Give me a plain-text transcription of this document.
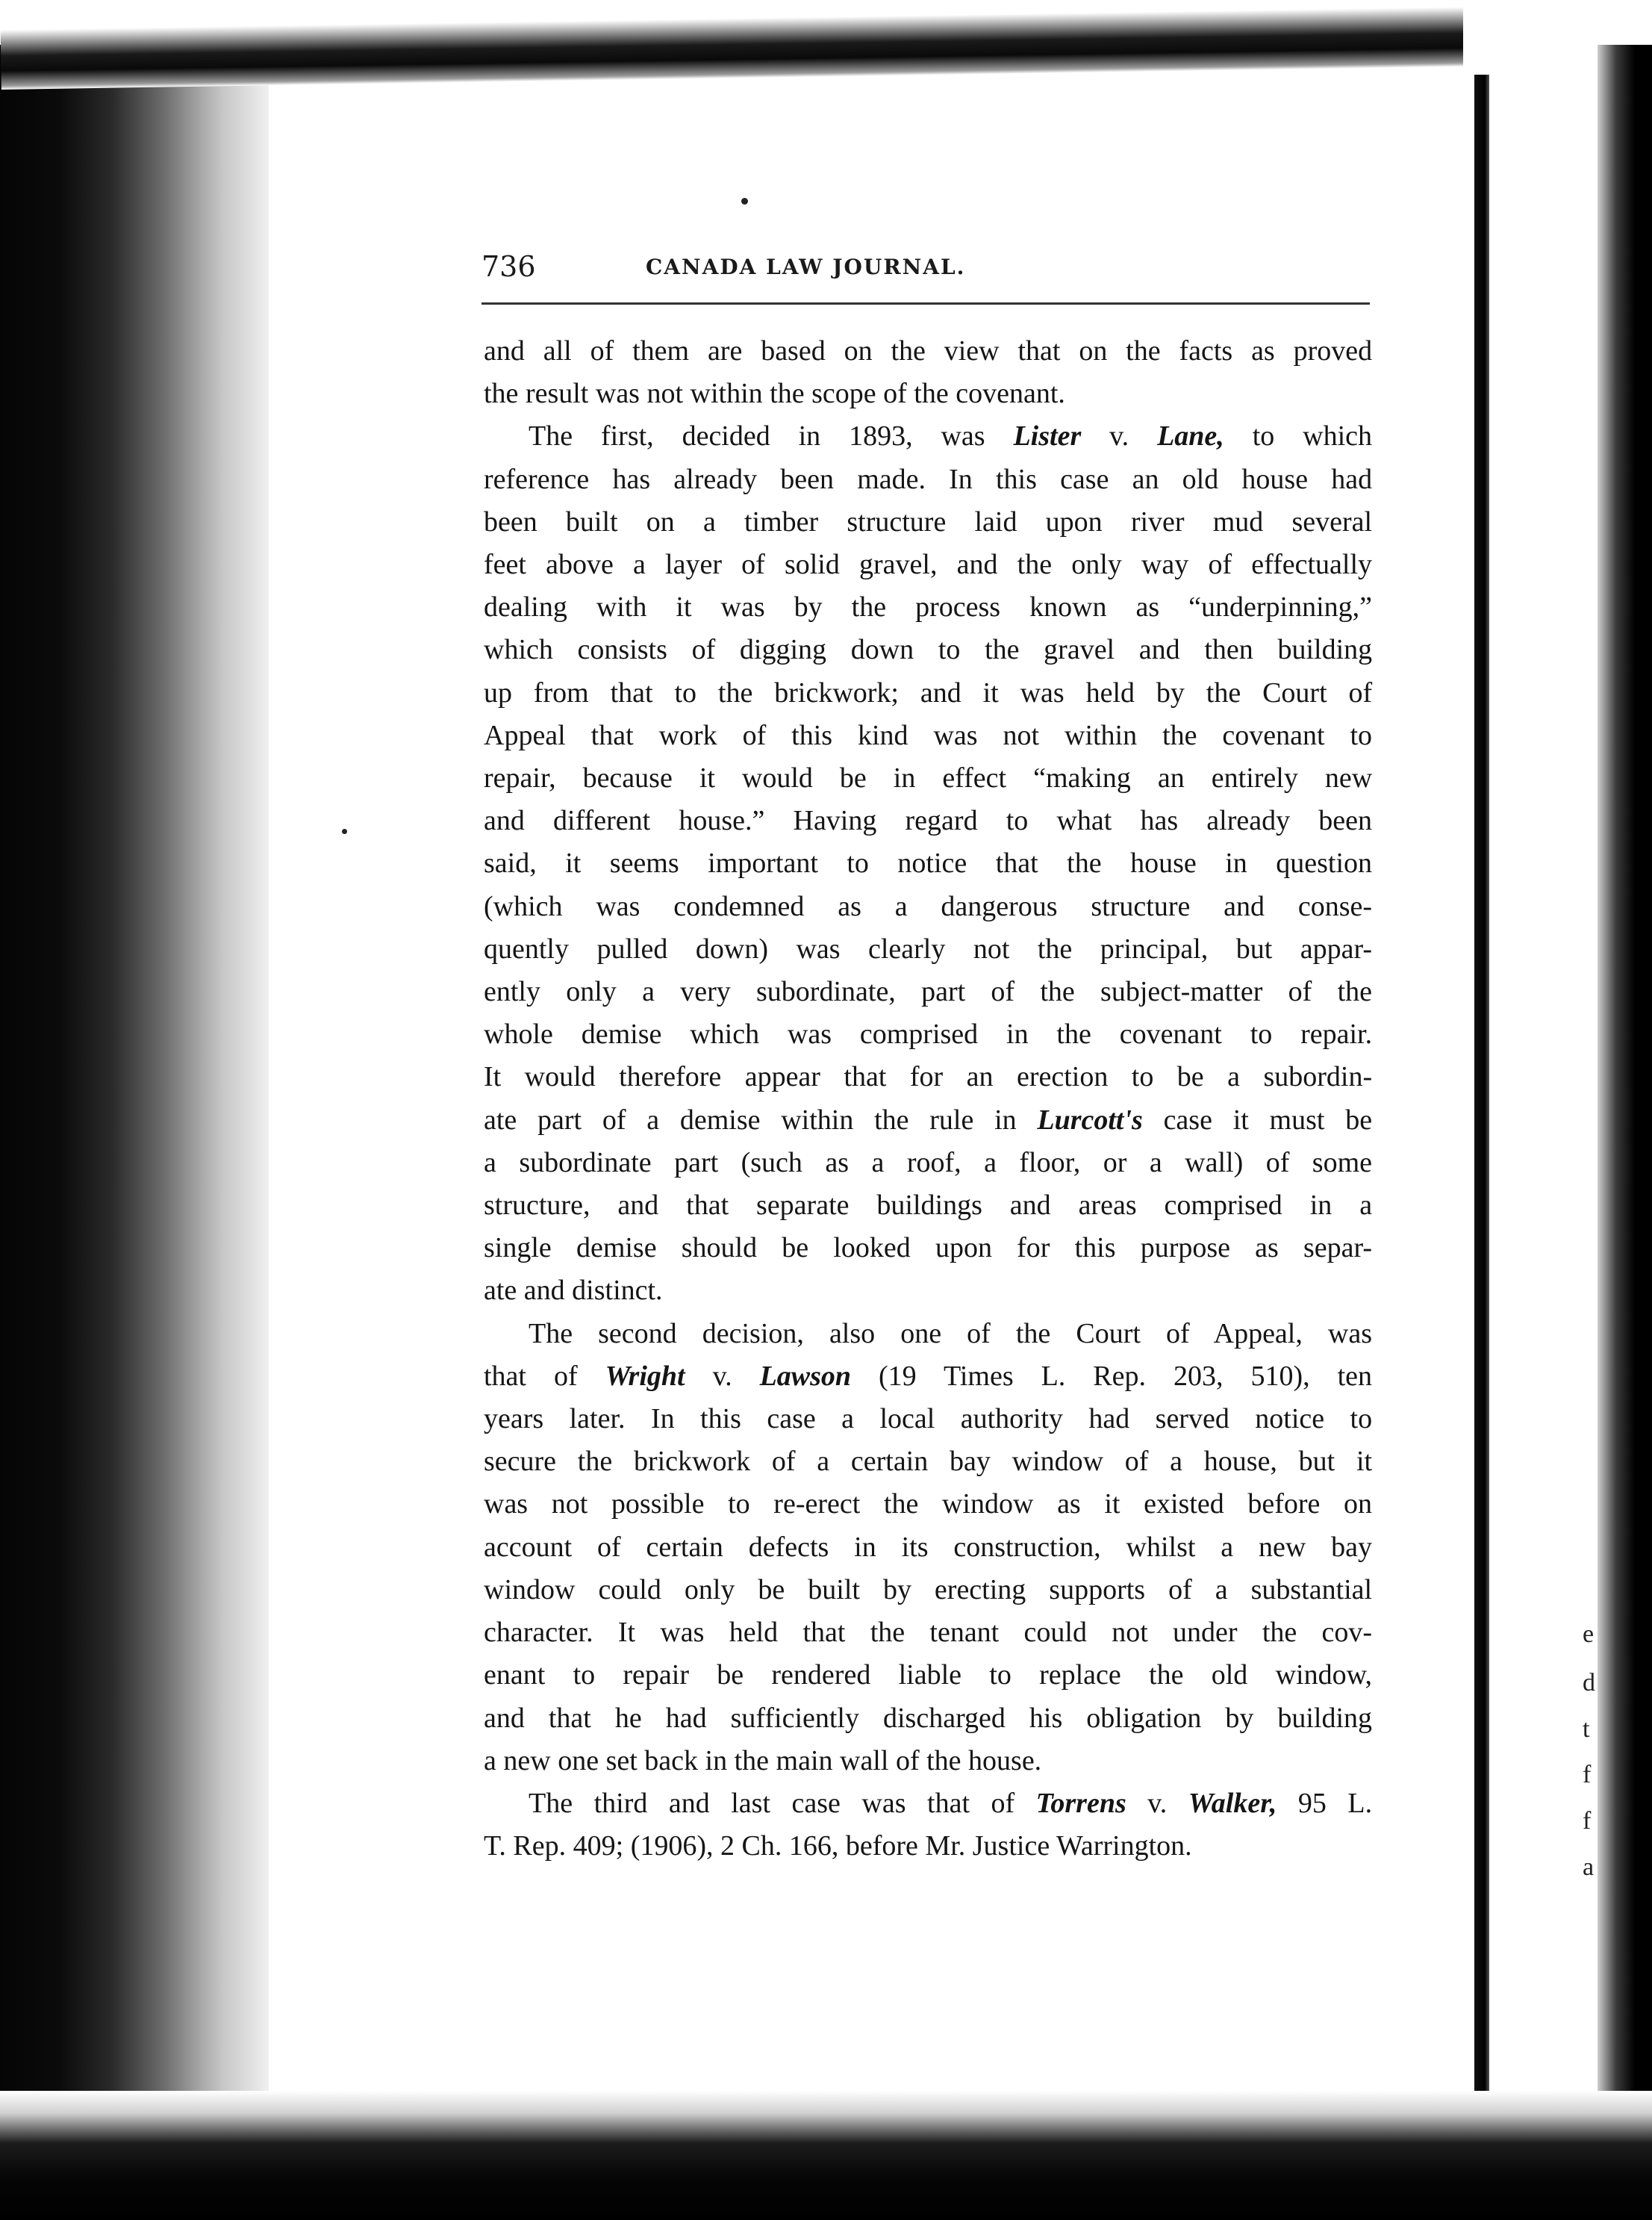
736	CANADA LAW JOURNAL.
and all of them are based on the view that on the facts as proved
the result was not within the scope of the covenant.
The first, decided in 1893, was Lister v. Lane, to which
reference has already been made. In this case an old house had
been built on a timber structure laid upon river mud several
feet above a layer of solid gravel, and the only way of effectually
dealing with it was by the process known as “underpinning,”
which consists of digging down to the gravel and then building
up from that to the brickwork; and it was held by the Court of
Appeal that work of this kind was not within the covenant to
repair, because it would be in effect “making an entirely new
and different house.” Having regard to what has already been
said, it seems important to notice that the house in question
(which was condemned as a dangerous structure and conse-
quently pulled down) was clearly not the principal, but appar-
ently only a very subordinate, part of the subject-matter of the
whole demise which was comprised in the covenant to repair.
It would therefore appear that for an erection to be a subordin-
ate part of a demise within the rule in Lurcott's case it must be
a subordinate part (such as a roof, a floor, or a wall) of some
structure, and that separate buildings and areas comprised in a
single demise should be looked upon for this purpose as separ-
ate and distinct.
The second decision, also one of the Court of Appeal, was
that of Wright v. Lawson (19 Times L. Rep. 203, 510), ten
years later. In this case a local authority had served notice to
secure the brickwork of a certain bay window of a house, but it
was not possible to re-erect the window as it existed before on
account of certain defects in its construction, whilst a new bay
window could only be built by erecting supports of a substantial
character. It was held that the tenant could not under the cov-
enant to repair be rendered liable to replace the old window,
and that he had sufficiently discharged his obligation by building
a new one set back in the main wall of the house.
The third and last case was that of Torrens v. Walker, 95 L.
T. Rep. 409; (1906), 2 Ch. 166, before Mr. Justice Warrington.
e
d
t
f
f
a
